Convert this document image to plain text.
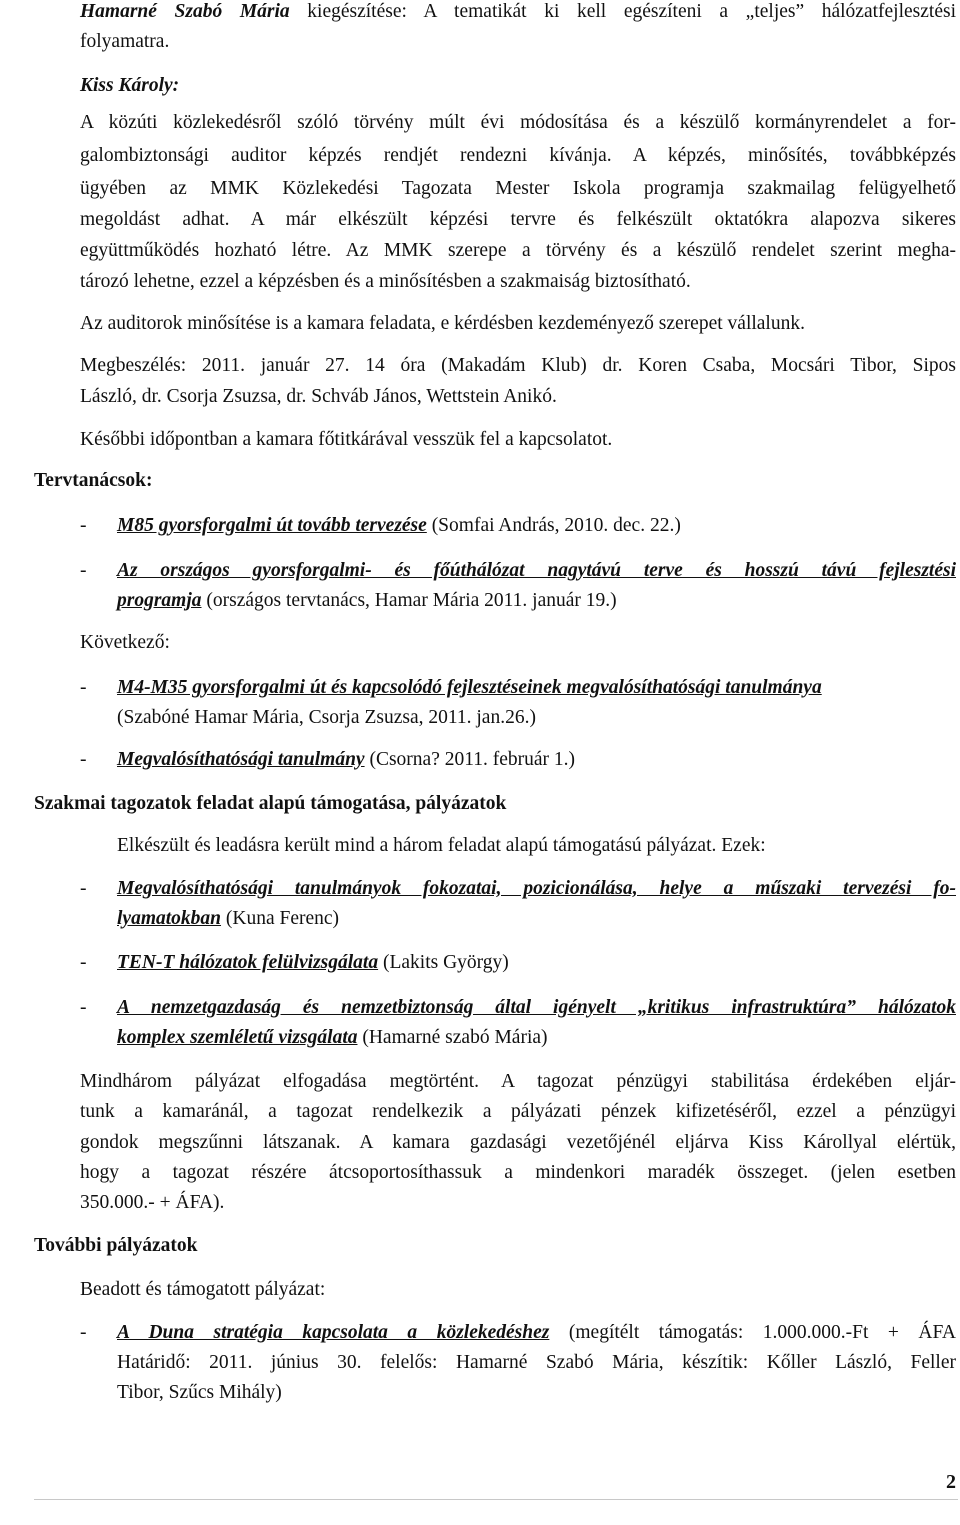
Hamarné Szabó Mária kiegészítése: A tematikát ki kell egészíteni a „teljes” hálózatfejlesztési
folyamatra.
Kiss Károly:
A közúti közlekedésről szóló törvény múlt évi módosítása és a készülő kormányrendelet a for-
galombiztonsági auditor képzés rendjét rendezni kívánja. A képzés, minősítés, továbbképzés
ügyében az MMK Közlekedési Tagozata Mester Iskola programja szakmailag felügyelhető
megoldást adhat. A már elkészült képzési tervre és felkészült oktatókra alapozva sikeres
együttműködés hozható létre. Az MMK szerepe a törvény és a készülő rendelet szerint megha-
tározó lehetne, ezzel a képzésben és a minősítésben a szakmaiság biztosítható.
Az auditorok minősítése is a kamara feladata, e kérdésben kezdeményező szerepet vállalunk.
Megbeszélés: 2011. január 27. 14 óra (Makadám Klub) dr. Koren Csaba, Mocsári Tibor, Sipos
László, dr. Csorja Zsuzsa, dr. Schváb János, Wettstein Anikó.
Későbbi időpontban a kamara főtitkárával vesszük fel a kapcsolatot.
Tervtanácsok:
- M85 gyorsforgalmi út tovább tervezése (Somfai András, 2010. dec. 22.)
- Az országos gyorsforgalmi- és főúthálózat nagytávú terve és hosszú távú fejlesztési
programja (országos tervtanács, Hamar Mária 2011. január 19.)
Következő:
- M4-M35 gyorsforgalmi út és kapcsolódó fejlesztéseinek megvalósíthatósági tanulmánya
(Szabóné Hamar Mária, Csorja Zsuzsa, 2011. jan.26.)
- Megvalósíthatósági tanulmány (Csorna? 2011. február 1.)
Szakmai tagozatok feladat alapú támogatása, pályázatok
Elkészült és leadásra került mind a három feladat alapú támogatású pályázat. Ezek:
- Megvalósíthatósági tanulmányok fokozatai, pozicionálása, helye a műszaki tervezési fo-
lyamatokban (Kuna Ferenc)
- TEN-T hálózatok felülvizsgálata (Lakits György)
- A nemzetgazdaság és nemzetbiztonság által igényelt „kritikus infrastruktúra” hálózatok
komplex szemléletű vizsgálata (Hamarné szabó Mária)
Mindhárom pályázat elfogadása megtörtént. A tagozat pénzügyi stabilitása érdekében eljár-
tunk a kamaránál, a tagozat rendelkezik a pályázati pénzek kifizetéséről, ezzel a pénzügyi
gondok megszűnni látszanak. A kamara gazdasági vezetőjénél eljárva Kiss Károllyal elértük,
hogy a tagozat részére átcsoportosíthassuk a mindenkori maradék összeget. (jelen esetben
350.000.- + ÁFA).
További pályázatok
Beadott és támogatott pályázat:
- A Duna stratégia kapcsolata a közlekedéshez (megítélt támogatás: 1.000.000.-Ft + ÁFA
Határidő: 2011. június 30. felelős: Hamarné Szabó Mária, készítik: Kőller László, Feller
Tibor, Szűcs Mihály)
2
